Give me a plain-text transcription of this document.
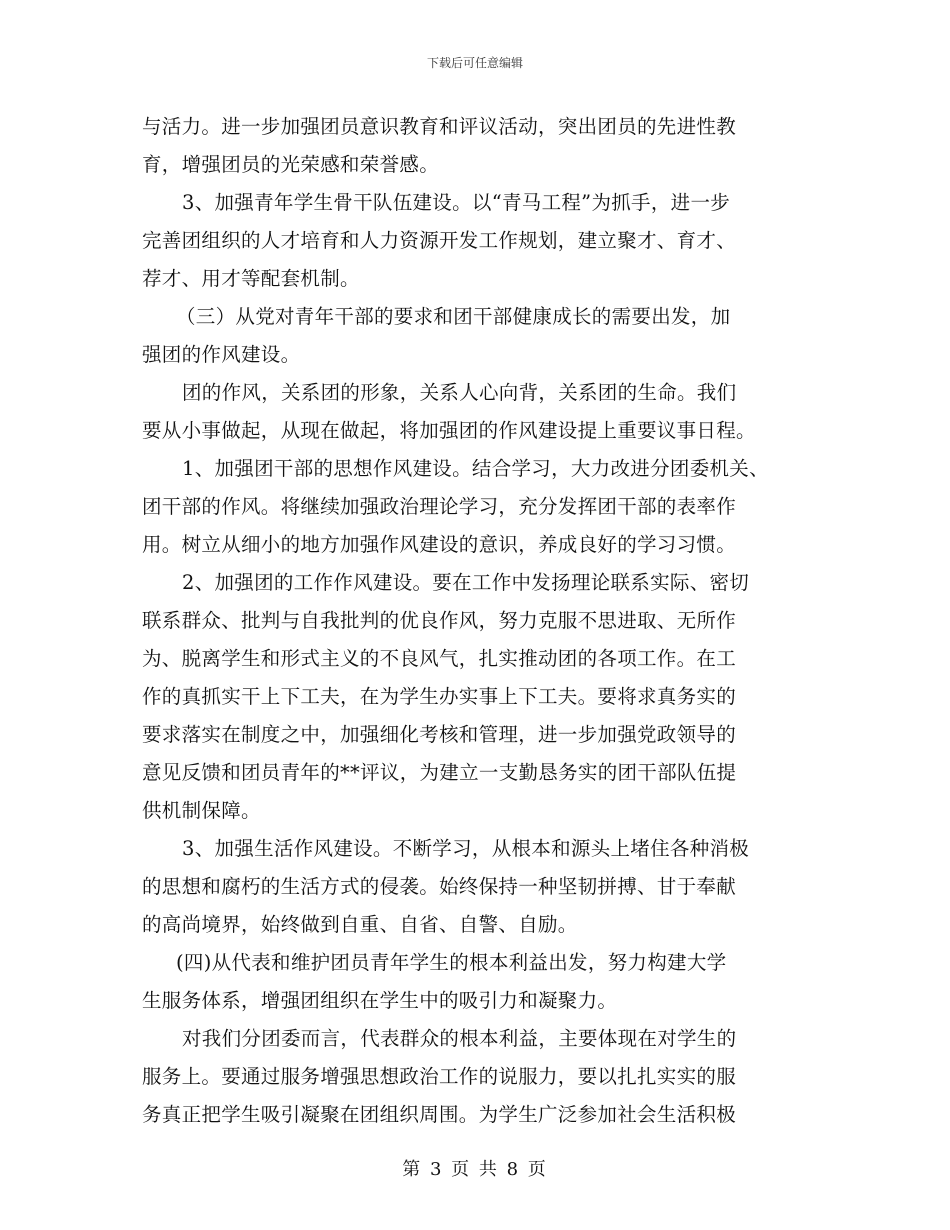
下载后可任意编辑
与活力。进一步加强团员意识教育和评议活动，突出团员的先进性教
育，增强团员的光荣感和荣誉感。
3、加强青年学生骨干队伍建设。以“青马工程”为抓手，进一步
完善团组织的人才培育和人力资源开发工作规划，建立聚才、育才、
荐才、用才等配套机制。
（三）从党对青年干部的要求和团干部健康成长的需要出发，加
强团的作风建设。
团的作风，关系团的形象，关系人心向背，关系团的生命。我们
要从小事做起，从现在做起，将加强团的作风建设提上重要议事日程。
1、加强团干部的思想作风建设。结合学习，大力改进分团委机关、
团干部的作风。将继续加强政治理论学习，充分发挥团干部的表率作
用。树立从细小的地方加强作风建设的意识，养成良好的学习习惯。
2、加强团的工作作风建设。要在工作中发扬理论联系实际、密切
联系群众、批判与自我批判的优良作风，努力克服不思进取、无所作
为、脱离学生和形式主义的不良风气，扎实推动团的各项工作。在工
作的真抓实干上下工夫，在为学生办实事上下工夫。要将求真务实的
要求落实在制度之中，加强细化考核和管理，进一步加强党政领导的
意见反馈和团员青年的**评议，为建立一支勤恳务实的团干部队伍提
供机制保障。
3、加强生活作风建设。不断学习，从根本和源头上堵住各种消极
的思想和腐朽的生活方式的侵袭。始终保持一种坚韧拼搏、甘于奉献
的高尚境界，始终做到自重、自省、自警、自励。
(四)从代表和维护团员青年学生的根本利益出发，努力构建大学
生服务体系，增强团组织在学生中的吸引力和凝聚力。
对我们分团委而言，代表群众的根本利益，主要体现在对学生的
服务上。要通过服务增强思想政治工作的说服力，要以扎扎实实的服
务真正把学生吸引凝聚在团组织周围。为学生广泛参加社会生活积极
第 3 页 共 8 页
